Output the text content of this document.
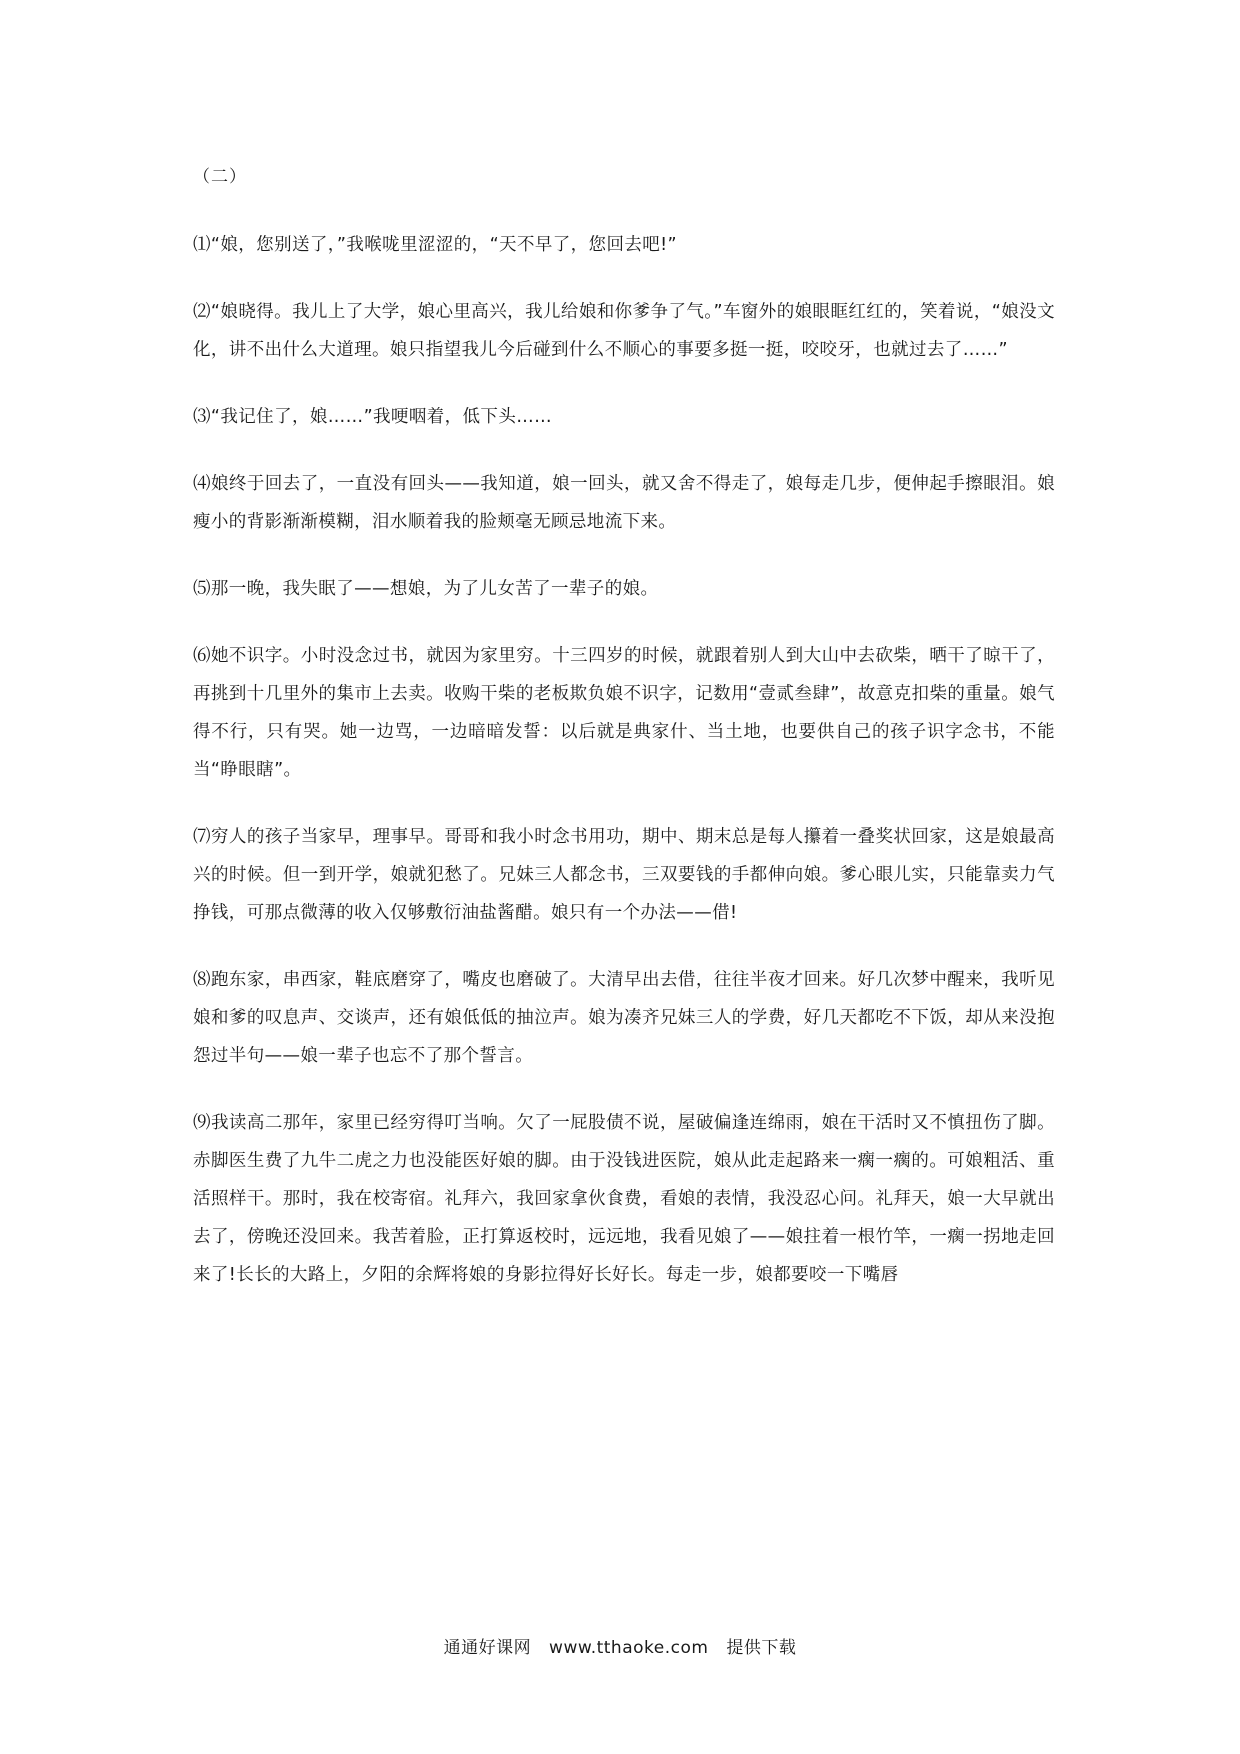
（二）

⑴“娘，您别送了，”我喉咙里涩涩的，“天不早了，您回去吧!”

⑵“娘晓得。我儿上了大学，娘心里高兴，我儿给娘和你爹争了气。”车窗外的娘眼眶红红的，笑着说，“娘没文化，讲不出什么大道理。娘只指望我儿今后碰到什么不顺心的事要多挺一挺，咬咬牙，也就过去了……”

⑶“我记住了，娘……”我哽咽着，低下头……

⑷娘终于回去了，一直没有回头——我知道，娘一回头，就又舍不得走了，娘每走几步，便伸起手擦眼泪。娘瘦小的背影渐渐模糊，泪水顺着我的脸颊毫无顾忌地流下来。

⑸那一晚，我失眠了——想娘，为了儿女苦了一辈子的娘。

⑹她不识字。小时没念过书，就因为家里穷。十三四岁的时候，就跟着别人到大山中去砍柴，晒干了晾干了，再挑到十几里外的集市上去卖。收购干柴的老板欺负娘不识字，记数用“壹贰叁肆”，故意克扣柴的重量。娘气得不行，只有哭。她一边骂，一边暗暗发誓：以后就是典家什、当土地，也要供自己的孩子识字念书，不能当“睁眼瞎”。

⑺穷人的孩子当家早，理事早。哥哥和我小时念书用功，期中、期末总是每人攥着一叠奖状回家，这是娘最高兴的时候。但一到开学，娘就犯愁了。兄妹三人都念书，三双要钱的手都伸向娘。爹心眼儿实，只能靠卖力气挣钱，可那点微薄的收入仅够敷衍油盐酱醋。娘只有一个办法——借!

⑻跑东家，串西家，鞋底磨穿了，嘴皮也磨破了。大清早出去借，往往半夜才回来。好几次梦中醒来，我听见娘和爹的叹息声、交谈声，还有娘低低的抽泣声。娘为凑齐兄妹三人的学费，好几天都吃不下饭，却从来没抱怨过半句——娘一辈子也忘不了那个誓言。

⑼我读高二那年，家里已经穷得叮当响。欠了一屁股债不说，屋破偏逢连绵雨，娘在干活时又不慎扭伤了脚。赤脚医生费了九牛二虎之力也没能医好娘的脚。由于没钱进医院，娘从此走起路来一瘸一瘸的。可娘粗活、重活照样干。那时，我在校寄宿。礼拜六，我回家拿伙食费，看娘的表情，我没忍心问。礼拜天，娘一大早就出去了，傍晚还没回来。我苦着脸，正打算返校时，远远地，我看见娘了——娘拄着一根竹竿，一瘸一拐地走回来了!长长的大路上，夕阳的余辉将娘的身影拉得好长好长。每走一步，娘都要咬一下嘴唇

通通好课网 www.tthaoke.com 提供下载
